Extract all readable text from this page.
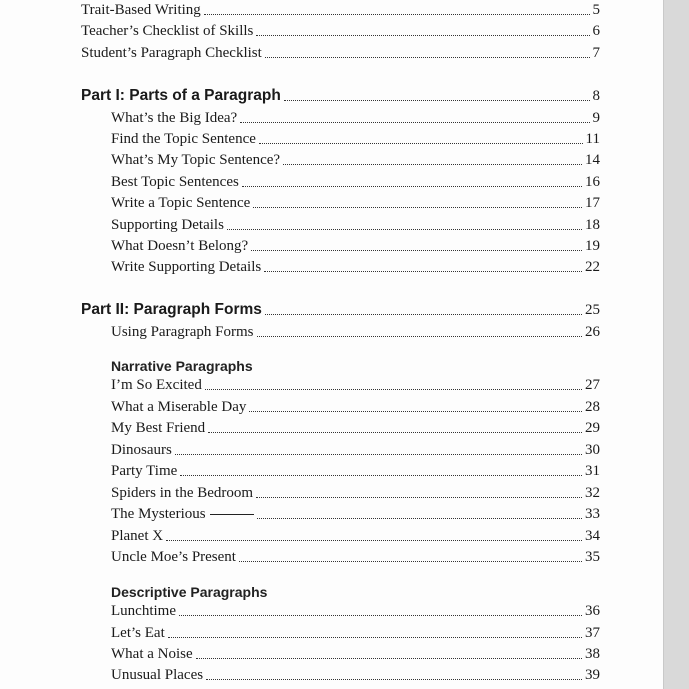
Trait-Based Writing	5
Teacher’s Checklist of Skills	6
Student’s Paragraph Checklist	7
Part I: Parts of a Paragraph	8
What’s the Big Idea?	9
Find the Topic Sentence	11
What’s My Topic Sentence?	14
Best Topic Sentences	16
Write a Topic Sentence	17
Supporting Details	18
What Doesn’t Belong?	19
Write Supporting Details	22
Part II: Paragraph Forms	25
Using Paragraph Forms	26
Narrative Paragraphs
I’m So Excited	27
What a Miserable Day	28
My Best Friend	29
Dinosaurs	30
Party Time	31
Spiders in the Bedroom	32
The Mysterious	33
Planet X	34
Uncle Moe’s Present	35
Descriptive Paragraphs
Lunchtime	36
Let’s Eat	37
What a Noise	38
Unusual Places	39
